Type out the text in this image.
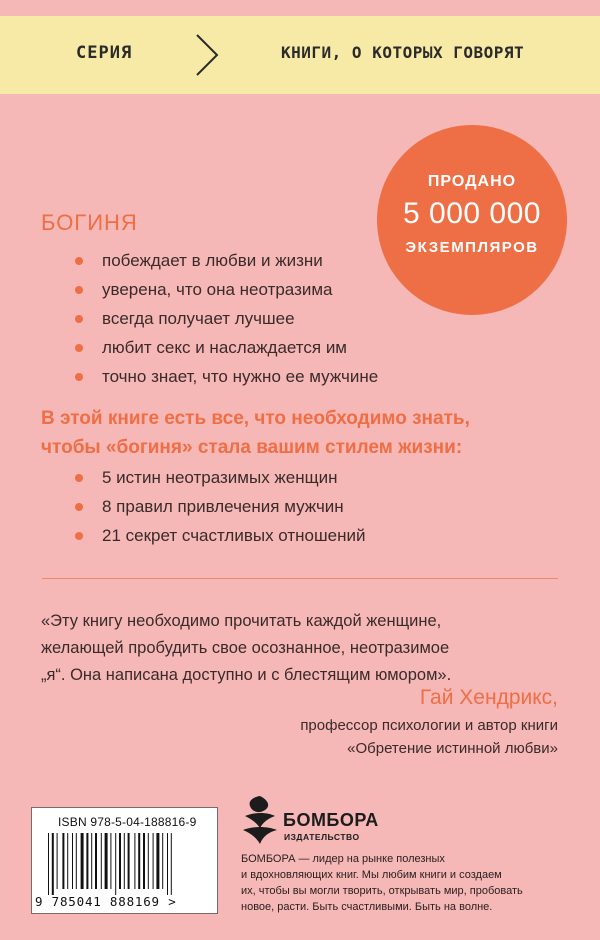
СЕРИЯ	КНИГИ, О КОТОРЫХ ГОВОРЯТ
ПРОДАНО
5 000 000
ЭКЗЕМПЛЯРОВ
БОГИНЯ
побеждает в любви и жизни
уверена, что она неотразима
всегда получает лучшее
любит секс и наслаждается им
точно знает, что нужно ее мужчине
В этой книге есть все, что необходимо знать,
чтобы «богиня» стала вашим стилем жизни:
5 истин неотразимых женщин
8 правил привлечения мужчин
21 секрет счастливых отношений
«Эту книгу необходимо прочитать каждой женщине,
желающей пробудить свое осознанное, неотразимое
„я“. Она написана доступно и с блестящим юмором».
Гай Хендрикс,
профессор психологии и автор книги
«Обретение истинной любви»
ISBN 978-5-04-188816-9
9 785041 888169 >
БОМБОРА
ИЗДАТЕЛЬСТВО
БОМБОРА — лидер на рынке полезных
и вдохновляющих книг. Мы любим книги и создаем
их, чтобы вы могли творить, открывать мир, пробовать
новое, расти. Быть счастливыми. Быть на волне.
